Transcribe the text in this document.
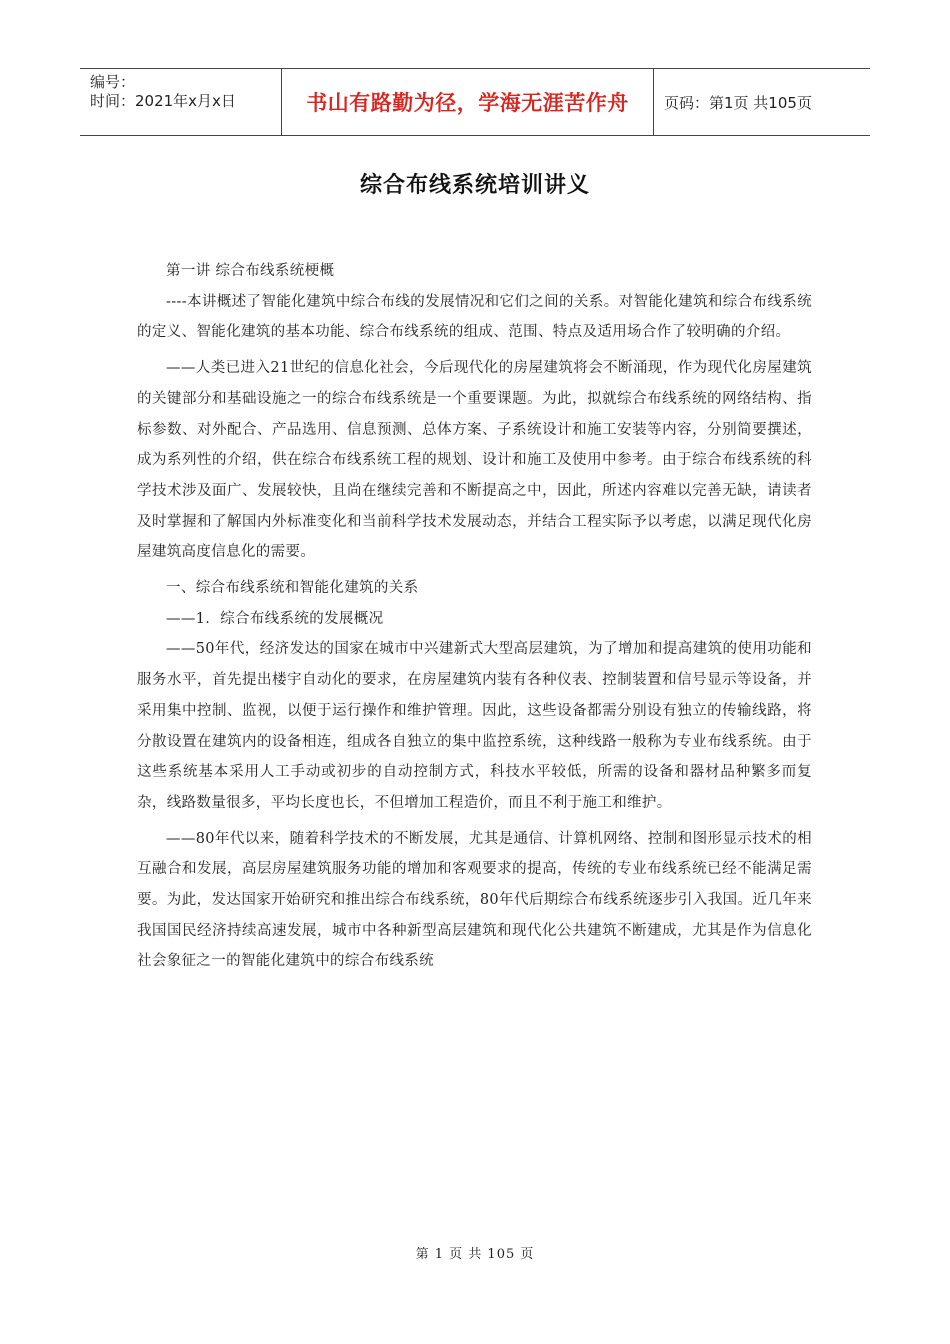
编号：
时间：2021年x月x日	书山有路勤为径，学海无涯苦作舟 页码：第1页 共105页
综合布线系统培训讲义

第一讲 综合布线系统梗概

----本讲概述了智能化建筑中综合布线的发展情况和它们之间的关系。对智能化建筑和综合布线系统的定义、智能化建筑的基本功能、综合布线系统的组成、范围、特点及适用场合作了较明确的介绍。

——人类已进入21世纪的信息化社会，今后现代化的房屋建筑将会不断涌现，作为现代化房屋建筑的关键部分和基础设施之一的综合布线系统是一个重要课题。为此，拟就综合布线系统的网络结构、指标参数、对外配合、产品选用、信息预测、总体方案、子系统设计和施工安装等内容，分别简要撰述，成为系列性的介绍，供在综合布线系统工程的规划、设计和施工及使用中参考。由于综合布线系统的科学技术涉及面广、发展较快，且尚在继续完善和不断提高之中，因此，所述内容难以完善无缺，请读者及时掌握和了解国内外标准变化和当前科学技术发展动态，并结合工程实际予以考虑，以满足现代化房屋建筑高度信息化的需要。

一、综合布线系统和智能化建筑的关系

——1．综合布线系统的发展概况

——50年代，经济发达的国家在城市中兴建新式大型高层建筑，为了增加和提高建筑的使用功能和服务水平，首先提出楼宇自动化的要求，在房屋建筑内装有各种仪表、控制装置和信号显示等设备，并采用集中控制、监视，以便于运行操作和维护管理。因此，这些设备都需分别设有独立的传输线路，将分散设置在建筑内的设备相连，组成各自独立的集中监控系统，这种线路一般称为专业布线系统。由于这些系统基本采用人工手动或初步的自动控制方式，科技水平较低，所需的设备和器材品种繁多而复杂，线路数量很多，平均长度也长，不但增加工程造价，而且不利于施工和维护。

——80年代以来，随着科学技术的不断发展，尤其是通信、计算机网络、控制和图形显示技术的相互融合和发展，高层房屋建筑服务功能的增加和客观要求的提高，传统的专业布线系统已经不能满足需要。为此，发达国家开始研究和推出综合布线系统，80年代后期综合布线系统逐步引入我国。近几年来我国国民经济持续高速发展，城市中各种新型高层建筑和现代化公共建筑不断建成，尤其是作为信息化社会象征之一的智能化建筑中的综合布线系统

第 1 页 共 105 页
